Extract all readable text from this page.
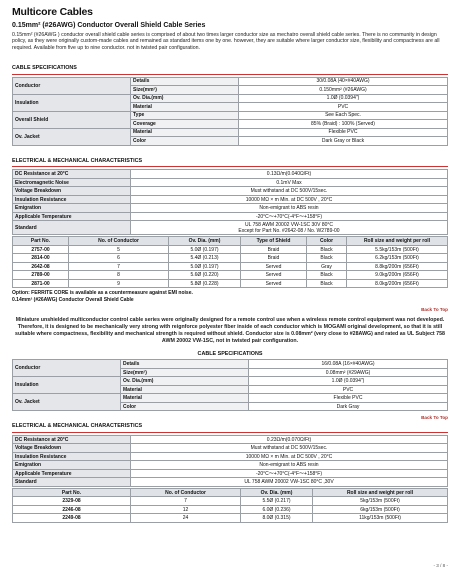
Multicore Cables
0.15mm² (#26AWG) Conductor Overall Shield Cable Series
0.15mm² (#26AWG ) conductor overall shield cable series is comprised of about two times larger conductor size as mechatro overall shield cable series. There is no community in design policy, as they were originally custom-made cables and remained as standard items one by one. however, they are suitable where larger conductor size, flexibility and compactness are all required. Available from five up to nine conductor. not in twisted pair configuration.
CABLE SPECIFICATIONS
Conductor	Details	30/0.08A (40×#40AWG)
	Size(mm²)	0.150mm² (#26AWG)
Insulation	Ov. Dia.(mm)	1.0Ø (0.0394")
	Material	PVC
Overall Shield	Type	See Each Spec.
	Coverage	85% (Braid) : 100% (Served)
Ov. Jacket	Material	Flexible PVC
	Color	Dark Gray or Black
ELECTRICAL & MECHANICAL CHARACTERISTICS
DC Resistance at 20°C	0.13Ω/m(0.040Ω/Ft)
Electromagnetic Noise	0.1mV Max
Voltage Breakdown	Must withstand at DC 500V/15sec.
Insulation Resistance	10000 MΩ × m Min. at DC 500V , 20°C
Emigration	Non-emigrant to ABS resin
Applicable Temperature	-20°C⁓+70°C(-4°F⁓+158°F)
Standard	UL 758 AWM 20002 VW-1SC 30V 80°C
Except for Part No. #2642-08 / No. W2789-00
Part No.	No. of Conductor	Ov. Dia. (mm)	Type of Shield	Color	Roll size and weight per roll
2757-00	5	5.0Ø (0.197)	Braid	Black	5.5kg/153m (500Ft)
2814-00	6	5.4Ø (0.213)	Braid	Black	6.2kg/153m (500Ft)
2642-08	7	5.0Ø (0.197)	Served	Gray	8.8kg/200m (656Ft)
2789-00	8	5.6Ø (0.220)	Served	Black	9.0kg/200m (656Ft)
2871-00	9	5.8Ø (0.228)	Served	Black	8.0kg/200m (656Ft)
Option: FERRITE CORE is available as a countermeasure against EMI noise.
0.14mm² (#26AWG) Conductor Overall Shield Cable
Back To Top
Miniature unshielded multiconductor control cable series were originally designed for a remote control use when a wireless remote control equipment was not developed. Therefore, it is designed to be mechanically very strong with reignforce polyester fiber inside of each conductor which is MOGAMI original development, so that it is still suitable where compactness, flexibility and mechanical strength is required without shield. Conductor size is 0.08mm² (very close to #28AWG) and rated as UL Subject 758 AWM 20002 VW-1SC, not in twisted pair configuration.
CABLE SPECIFICATIONS
Conductor	Details	16/0.08A (16×#40AWG)
	Size(mm²)	0.08mm² (#29AWG)
Insulation	Ov. Dia.(mm)	1.0Ø (0.0394")
	Material	PVC
Ov. Jacket	Material	Flexible PVC
	Color	Dark Gray
Back To Top
ELECTRICAL & MECHANICAL CHARACTERISTICS
DC Resistance at 20°C	0.23Ω/m(0.070Ω/Ft)
Voltage Breakdown	Must withstand at DC 500V/15sec.
Insulation Resistance	10000 MΩ × m Min. at DC 500V , 20°C
Emigration	Non-emigrant to ABS resin
Applicable Temperature	-20°C⁓+70°C(-4°F⁓+158°F)
Standard	UL 758 AWM 20002 VW-1SC 80°C ,30V
Part No.	No. of Conductor	Ov. Dia. (mm)	Roll size and weight per roll
2329-08	7	5.5Ø (0.217)	5kg/153m (500Ft)
2246-08	12	6.0Ø (0.236)	6kg/153m (500Ft)
2249-08	24	8.0Ø (0.315)	11kg/153m (500Ft)
- 3 / 8 -
